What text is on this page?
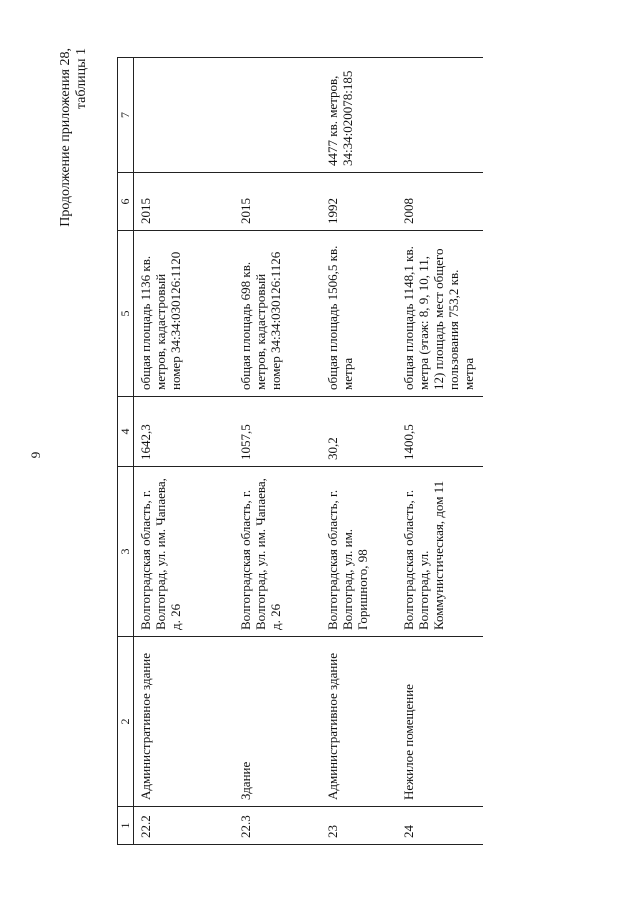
9
Продолжение приложения 28, таблицы 1
1	2	3	4	5	6	7
22.2	Административное здание	Волгоградская область, г. Волгоград, ул. им. Чапаева, д. 26	1642,3	общая площадь 1136 кв. метров, кадастровый номер 34:34:030126:1120	2015	
22.3	Здание	Волгоградская область, г. Волгоград, ул. им. Чапаева, д. 26	1057,5	общая площадь 698 кв. метров, кадастровый номер 34:34:030126:1126	2015	
23	Административное здание	Волгоградская область, г. Волгоград, ул. им. Горишного, 98	30,2	общая площадь 1506,5 кв. метра	1992	4477 кв. метров, 34:34:020078:185
24	Нежилое помещение	Волгоградская область, г. Волгоград, ул. Коммунистическая, дом 11	1400,5	общая площадь 1148,1 кв. метра (этаж: 8, 9, 10, 11, 12) площадь мест общего пользования 753,2 кв. метра	2008	
